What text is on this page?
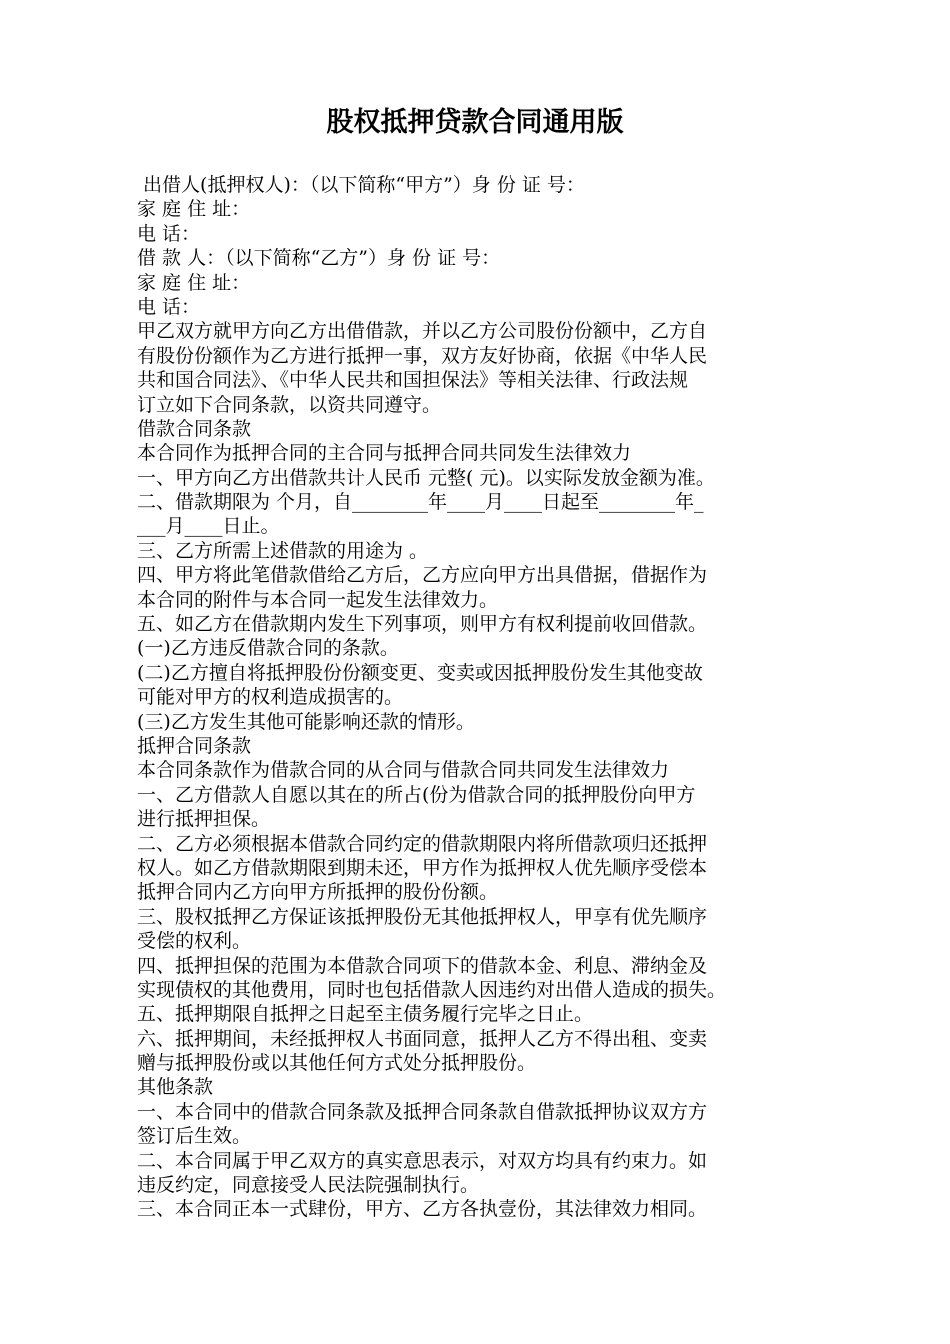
股权抵押贷款合同通用版
出借人(抵押权人)：（以下简称“甲方”）身 份 证 号：
家 庭 住 址：
电 话：
借 款 人：（以下简称“乙方”）身 份 证 号：
家 庭 住 址：
电 话：
甲乙双方就甲方向乙方出借借款，并以乙方公司股份份额中，乙方自
有股份份额作为乙方进行抵押一事，双方友好协商，依据《中华人民
共和国合同法》、《中华人民共和国担保法》等相关法律、行政法规
订立如下合同条款，以资共同遵守。
借款合同条款
本合同作为抵押合同的主合同与抵押合同共同发生法律效力
一、甲方向乙方出借款共计人民币 元整( 元)。以实际发放金额为准。
二、借款期限为 个月，自________年____月____日起至________年_
___月____日止。
三、乙方所需上述借款的用途为 。
四、甲方将此笔借款借给乙方后，乙方应向甲方出具借据，借据作为
本合同的附件与本合同一起发生法律效力。
五、如乙方在借款期内发生下列事项，则甲方有权利提前收回借款。
(一)乙方违反借款合同的条款。
(二)乙方擅自将抵押股份份额变更、变卖或因抵押股份发生其他变故
可能对甲方的权利造成损害的。
(三)乙方发生其他可能影响还款的情形。
抵押合同条款
本合同条款作为借款合同的从合同与借款合同共同发生法律效力
一、乙方借款人自愿以其在的所占(份为借款合同的抵押股份向甲方
进行抵押担保。
二、乙方必须根据本借款合同约定的借款期限内将所借款项归还抵押
权人。如乙方借款期限到期未还，甲方作为抵押权人优先顺序受偿本
抵押合同内乙方向甲方所抵押的股份份额。
三、股权抵押乙方保证该抵押股份无其他抵押权人，甲享有优先顺序
受偿的权利。
四、抵押担保的范围为本借款合同项下的借款本金、利息、滞纳金及
实现债权的其他费用，同时也包括借款人因违约对出借人造成的损失。
五、抵押期限自抵押之日起至主债务履行完毕之日止。
六、抵押期间，未经抵押权人书面同意，抵押人乙方不得出租、变卖
赠与抵押股份或以其他任何方式处分抵押股份。
其他条款
一、本合同中的借款合同条款及抵押合同条款自借款抵押协议双方方
签订后生效。
二、本合同属于甲乙双方的真实意思表示，对双方均具有约束力。如
违反约定，同意接受人民法院强制执行。
三、本合同正本一式肆份，甲方、乙方各执壹份，其法律效力相同。
